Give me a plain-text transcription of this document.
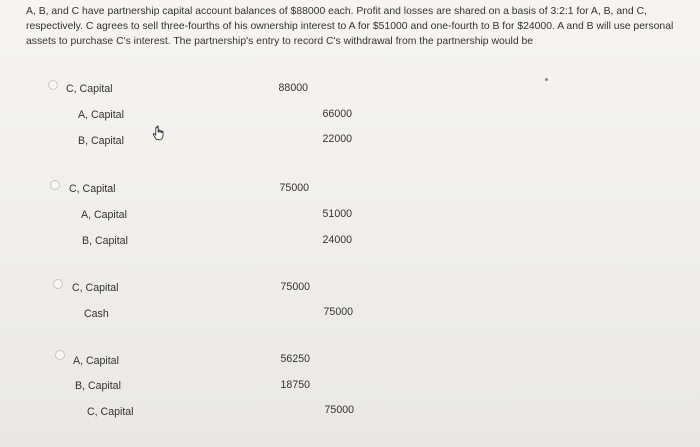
A, B, and C have partnership capital account balances of $88000 each. Profit and losses are shared on a basis of 3:2:1 for A, B, and C, respectively. C agrees to sell three-fourths of his ownership interest to A for $51000 and one-fourth to B for $24000. A and B will use personal assets to purchase C's interest. The partnership's entry to record C's withdrawal from the partnership would be

C, Capital	88000
A, Capital	66000
B, Capital	22000
C, Capital	75000
A, Capital	51000
B, Capital	24000
C, Capital	75000
Cash	75000
A, Capital	56250
B, Capital	18750
C, Capital	75000
